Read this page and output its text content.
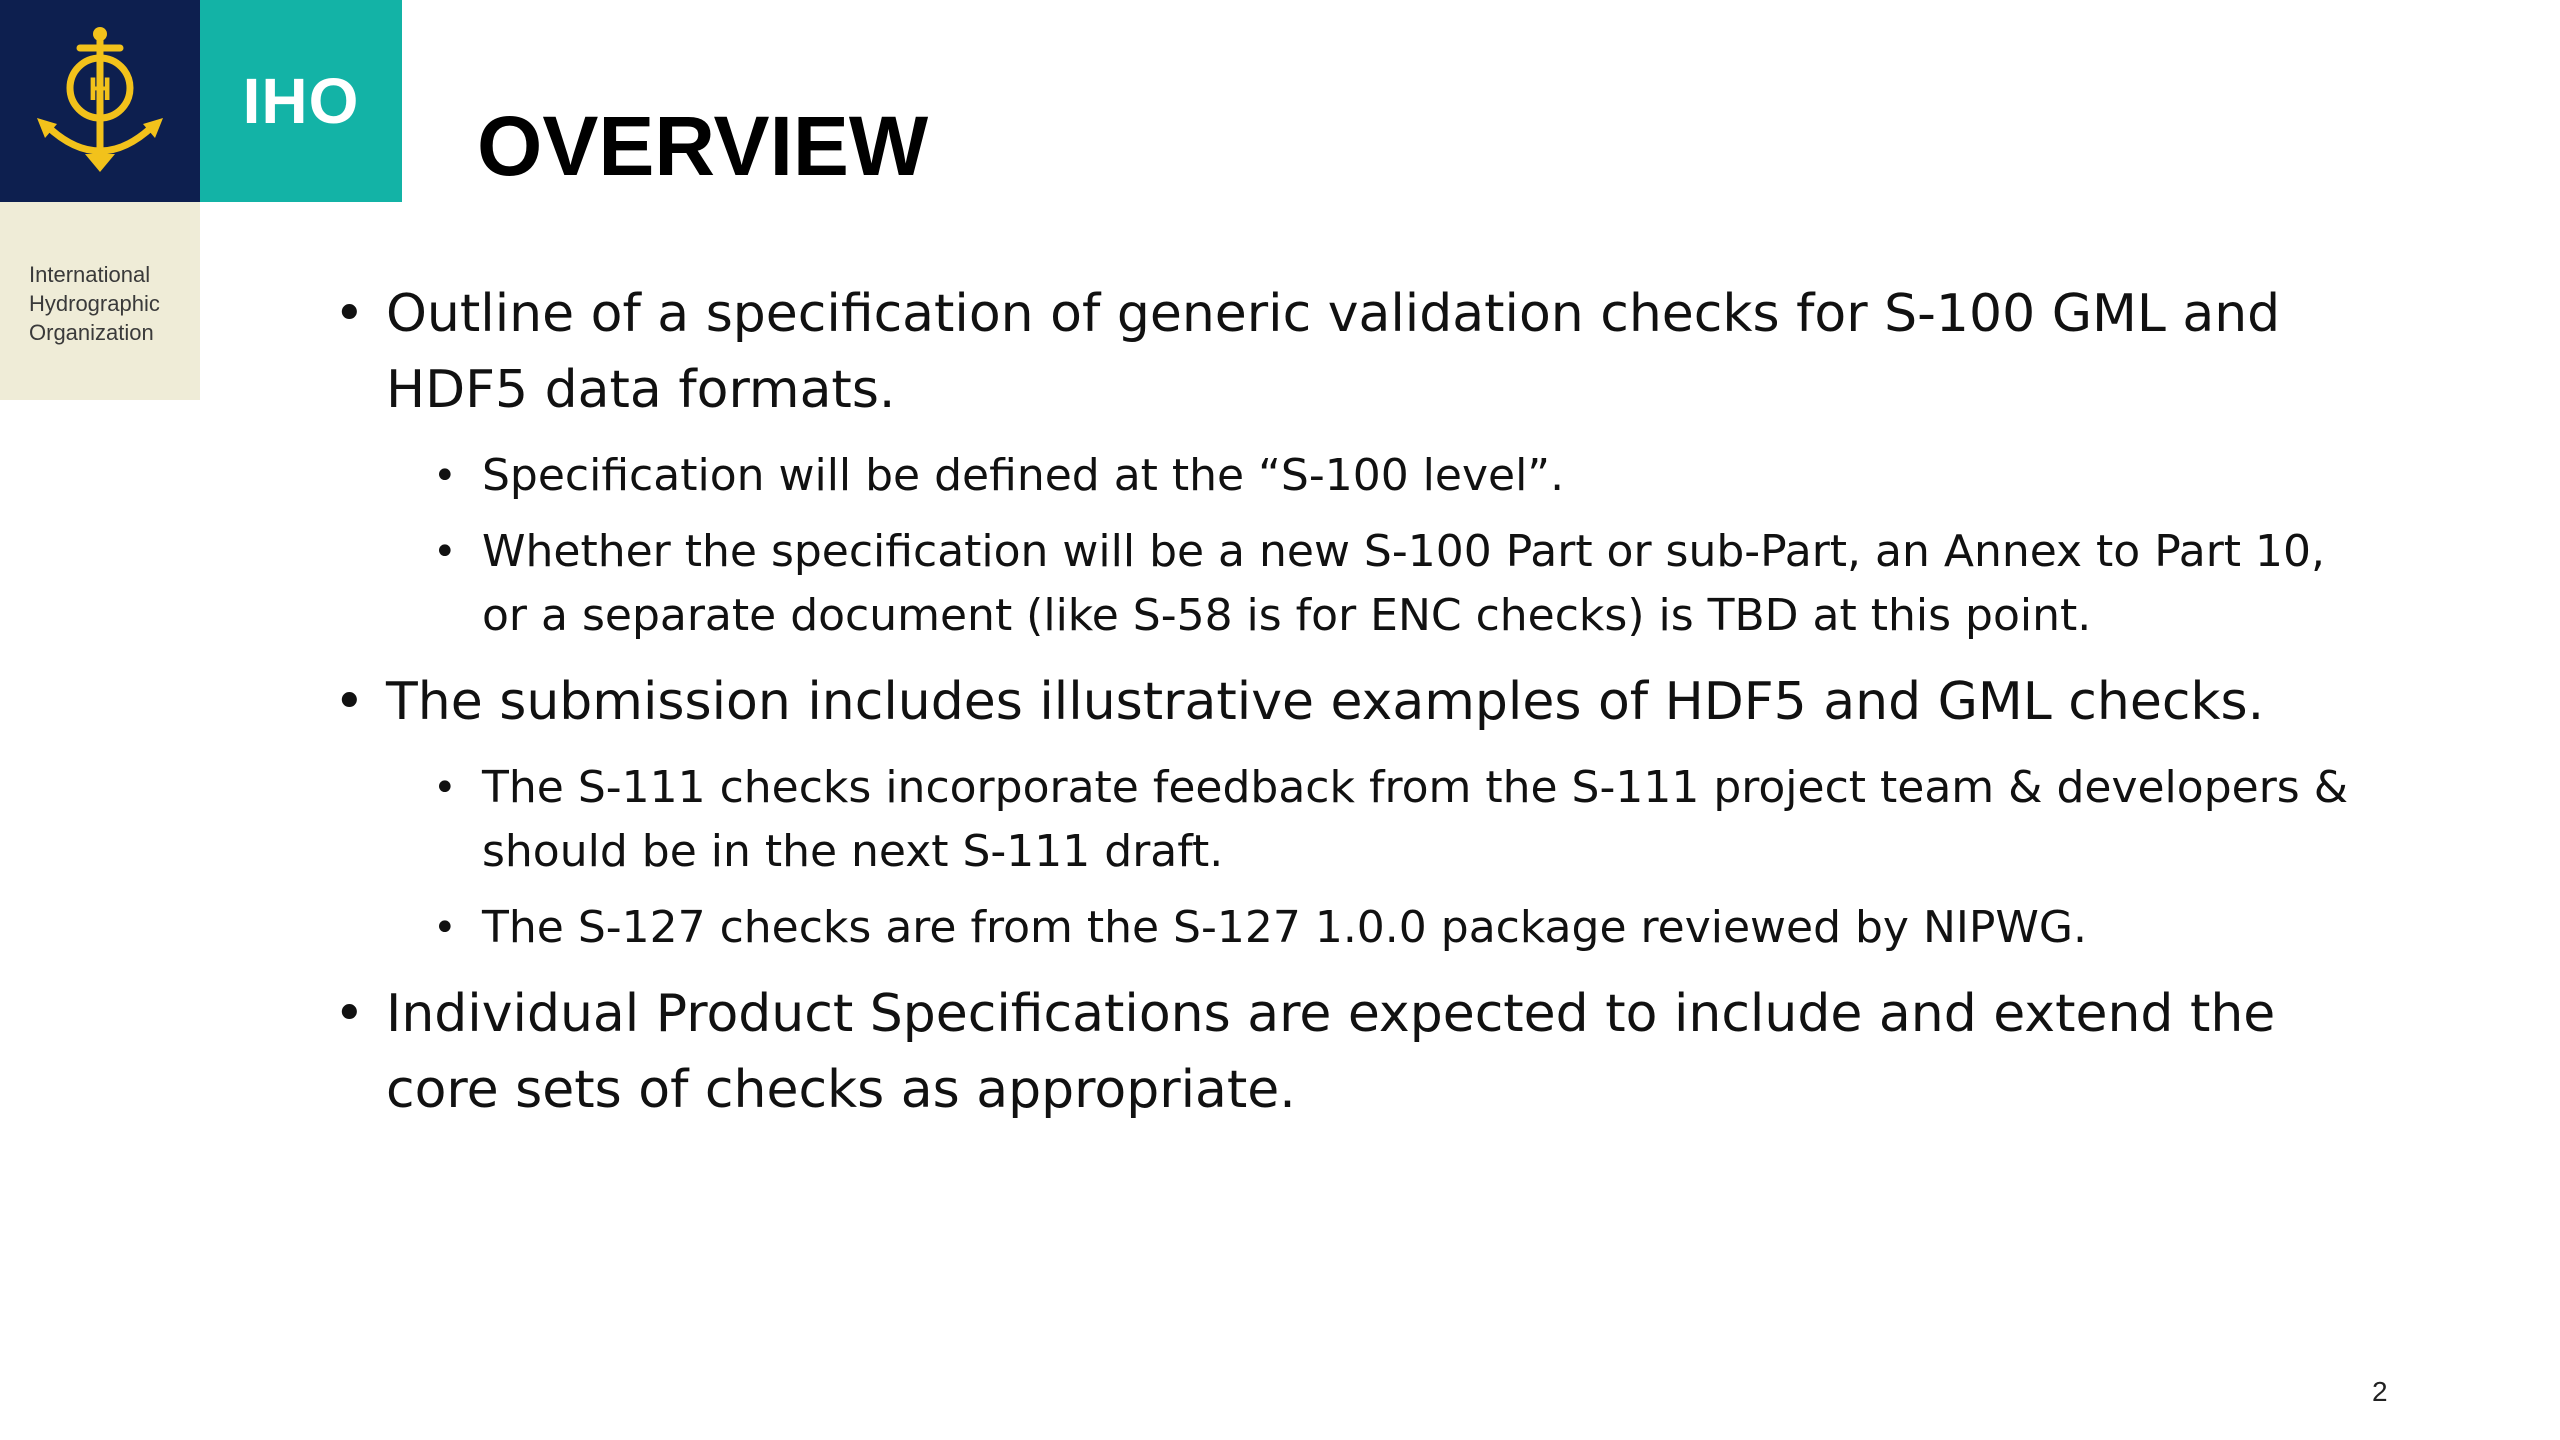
H IHO
International
Hydrographic
Organization
OVERVIEW
• Outline of a specification of generic validation checks for S-100 GML and HDF5 data formats.
• Specification will be defined at the “S-100 level”.
• Whether the specification will be a new S-100 Part or sub-Part, an Annex to Part 10, or a separate document (like S-58 is for ENC checks) is TBD at this point.
• The submission includes illustrative examples of HDF5 and GML checks.
• The S-111 checks incorporate feedback from the S-111 project team & developers & should be in the next S-111 draft.
• The S-127 checks are from the S-127 1.0.0 package reviewed by NIPWG.
• Individual Product Specifications are expected to include and extend the core sets of checks as appropriate.
2
